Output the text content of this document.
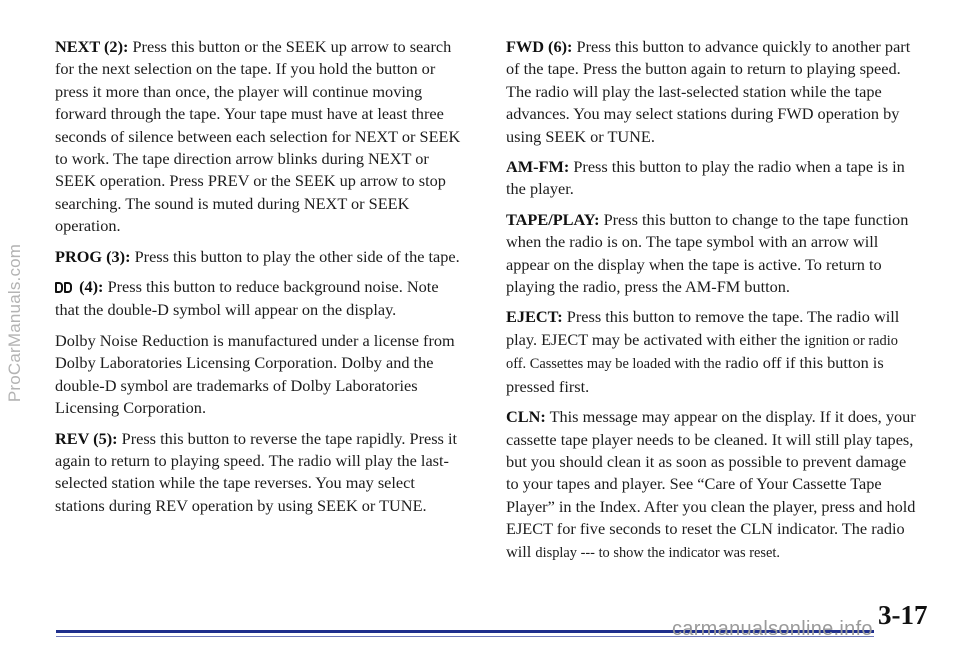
ProCarManuals.com

NEXT (2): Press this button or the SEEK up arrow to search for the next selection on the tape. If you hold the button or press it more than once, the player will continue moving forward through the tape. Your tape must have at least three seconds of silence between each selection for NEXT or SEEK to work. The tape direction arrow blinks during NEXT or SEEK operation. Press PREV or the SEEK up arrow to stop searching. The sound is muted during NEXT or SEEK operation.

PROG (3): Press this button to play the other side of the tape.

(4): Press this button to reduce background noise. Note that the double-D symbol will appear on the display.

Dolby Noise Reduction is manufactured under a license from Dolby Laboratories Licensing Corporation. Dolby and the double-D symbol are trademarks of Dolby Laboratories Licensing Corporation.

REV (5): Press this button to reverse the tape rapidly. Press it again to return to playing speed. The radio will play the last-selected station while the tape reverses. You may select stations during REV operation by using SEEK or TUNE.

FWD (6): Press this button to advance quickly to another part of the tape. Press the button again to return to playing speed. The radio will play the last-selected station while the tape advances. You may select stations during FWD operation by using SEEK or TUNE.

AM-FM: Press this button to play the radio when a tape is in the player.

TAPE/PLAY: Press this button to change to the tape function when the radio is on. The tape symbol with an arrow will appear on the display when the tape is active. To return to playing the radio, press the AM-FM button.

EJECT: Press this button to remove the tape. The radio will play. EJECT may be activated with either the ignition or radio off. Cassettes may be loaded with the radio off if this button is pressed first.

CLN: This message may appear on the display. If it does, your cassette tape player needs to be cleaned. It will still play tapes, but you should clean it as soon as possible to prevent damage to your tapes and player. See “Care of Your Cassette Tape Player” in the Index. After you clean the player, press and hold EJECT for five seconds to reset the CLN indicator. The radio will display --- to show the indicator was reset.

3-17
carmanualsonline.info
